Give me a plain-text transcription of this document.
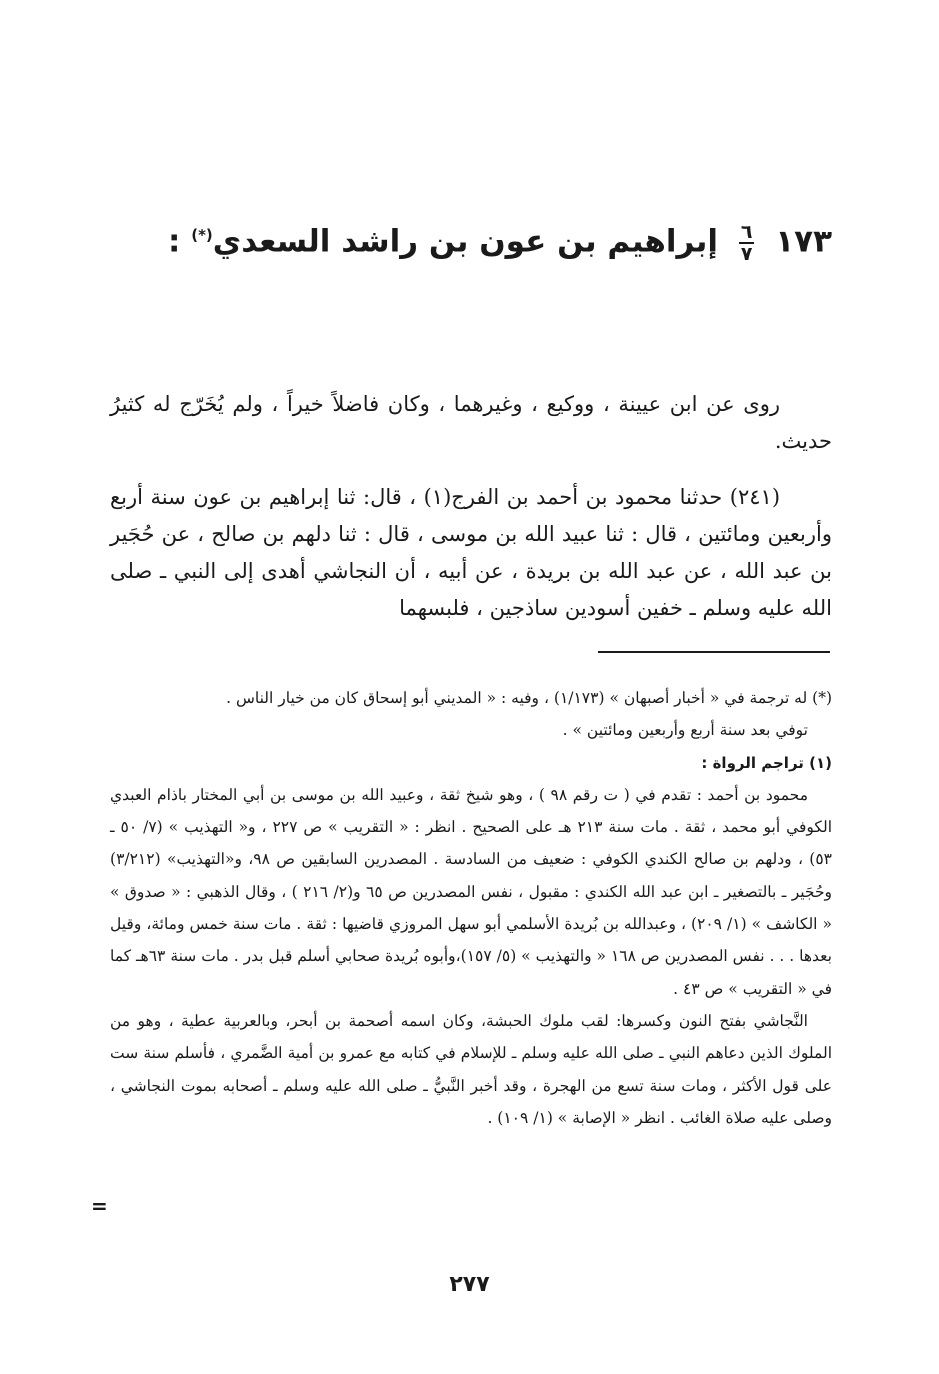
١٧٣
$\frac{٦}{٧}$
إبراهيم بن عون بن راشد السعدي(*) :

روى عن ابن عيينة ، ووكيع ، وغيرهما ، وكان فاضلاً خيراً ، ولم يُخَرّج له كثيرُ حديث.

(٢٤١) حدثنا محمود بن أحمد بن الفرج(١) ، قال: ثنا إبراهيم بن عون سنة أربع وأربعين ومائتين ، قال : ثنا عبيد الله بن موسى ، قال : ثنا دلهم بن صالح ، عن حُجَير بن عبد الله ، عن عبد الله بن بريدة ، عن أبيه ، أن النجاشي أهدى إلى النبي ـ صلى الله عليه وسلم ـ خفين أسودين ساذجين ، فلبسهما

(*) له ترجمة في « أخبار أصبهان » (١/١٧٣) ، وفيه : « المديني أبو إسحاق كان من خيار الناس .
توفي بعد سنة أربع وأربعين ومائتين » .

(١) تراجم الرواة :

محمود بن أحمد : تقدم في ( ت رقم ٩٨ ) ، وهو شيخ ثقة ، وعبيد الله بن موسى بن أبي المختار باذام العبدي الكوفي أبو محمد ، ثقة . مات سنة ٢١٣ هـ على الصحيح . انظر : « التقريب » ص ٢٢٧ ، و« التهذيب » (٧/ ٥٠ ـ ٥٣) ، ودلهم بن صالح الكندي الكوفي : ضعيف من السادسة . المصدرين السابقين ص ٩٨، و«التهذيب» (٣/٢١٢) وحُجَير ـ بالتصغير ـ ابن عبد الله الكندي : مقبول ، نفس المصدرين ص ٦٥ و(٢/ ٢١٦ ) ، وقال الذهبي : « صدوق » « الكاشف » (١/ ٢٠٩) ، وعبدالله بن بُريدة الأسلمي أبو سهل المروزي قاضيها : ثقة . مات سنة خمس ومائة، وقيل بعدها . . . نفس المصدرين ص ١٦٨ « والتهذيب » (٥/ ١٥٧)،وأبوه بُريدة صحابي أسلم قبل بدر . مات سنة ٦٣هـ كما في « التقريب » ص ٤٣ .

النَّجاشي بفتح النون وكسرها: لقب ملوك الحبشة، وكان اسمه أصحمة بن أبحر، وبالعربية عطية ، وهو من الملوك الذين دعاهم النبي ـ صلى الله عليه وسلم ـ للإسلام في كتابه مع عمرو بن أمية الضَّمري ، فأسلم سنة ست على قول الأكثر ، ومات سنة تسع من الهجرة ، وقد أخبر النَّبيُّ ـ صلى الله عليه وسلم ـ أصحابه بموت النجاشي ، وصلى عليه صلاة الغائب . انظر « الإصابة » (١/ ١٠٩) .

=
٢٧٧
